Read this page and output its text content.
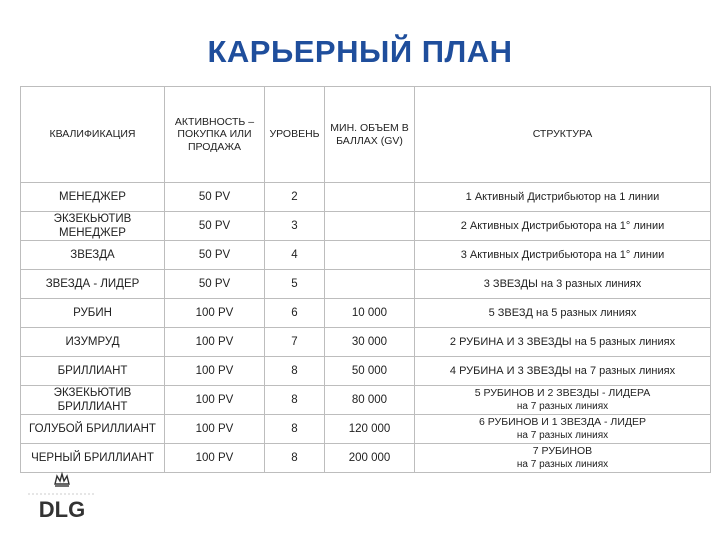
КАРЬЕРНЫЙ ПЛАН
КВАЛИФИКАЦИЯ	АКТИВНОСТЬ – ПОКУПКА ИЛИ ПРОДАЖА	УРОВЕНЬ	МИН. ОБЪЕМ В БАЛЛАХ (GV)	СТРУКТУРА
МЕНЕДЖЕР	50 PV	2		1 Активный Дистрибьютор на 1 линии
ЭКЗЕКЬЮТИВ МЕНЕДЖЕР	50 PV	3		2 Активных Дистрибьютора на 1° линии
ЗВЕЗДА	50 PV	4		3 Активных Дистрибьютора на 1° линии
ЗВЕЗДА - ЛИДЕР	50 PV	5		3 ЗВЕЗДЫ на 3 разных линиях
РУБИН	100 PV	6	10 000	5 ЗВЕЗД на 5 разных линиях
ИЗУМРУД	100 PV	7	30 000	2 РУБИНА И 3 ЗВЕЗДЫ на 5 разных линиях
БРИЛЛИАНТ	100 PV	8	50 000	4 РУБИНА И 3 ЗВЕЗДЫ на 7 разных линиях
ЭКЗЕКЬЮТИВ БРИЛЛИАНТ	100 PV	8	80 000	5 РУБИНОВ И 2 ЗВЕЗДЫ - ЛИДЕРА
на 7 разных линиях

ГОЛУБОЙ БРИЛЛИАНТ	100 PV	8	120 000	6 РУБИНОВ И 1 ЗВЕЗДА - ЛИДЕР
на 7 разных линиях

ЧЕРНЫЙ БРИЛЛИАНТ	100 PV	8	200 000	7 РУБИНОВ
на 7 разных линиях
DLG
